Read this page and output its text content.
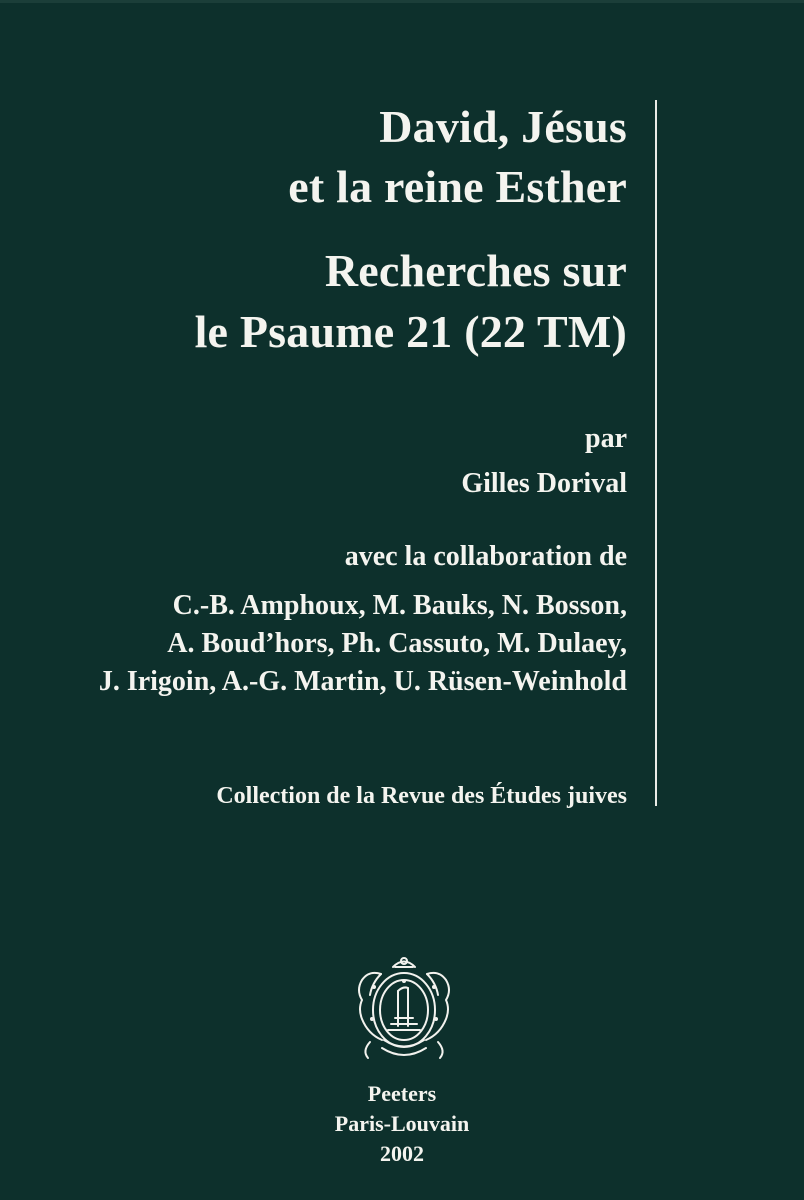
David, Jésus
et la reine Esther
Recherches sur
le Psaume 21 (22 TM)
par
Gilles Dorival
avec la collaboration de
C.-B. Amphoux, M. Bauks, N. Bosson,
A. Boud’hors, Ph. Cassuto, M. Dulaey,
J. Irigoin, A.-G. Martin, U. Rüsen-Weinhold
Collection de la Revue des Études juives
Peeters
Paris-Louvain
2002
